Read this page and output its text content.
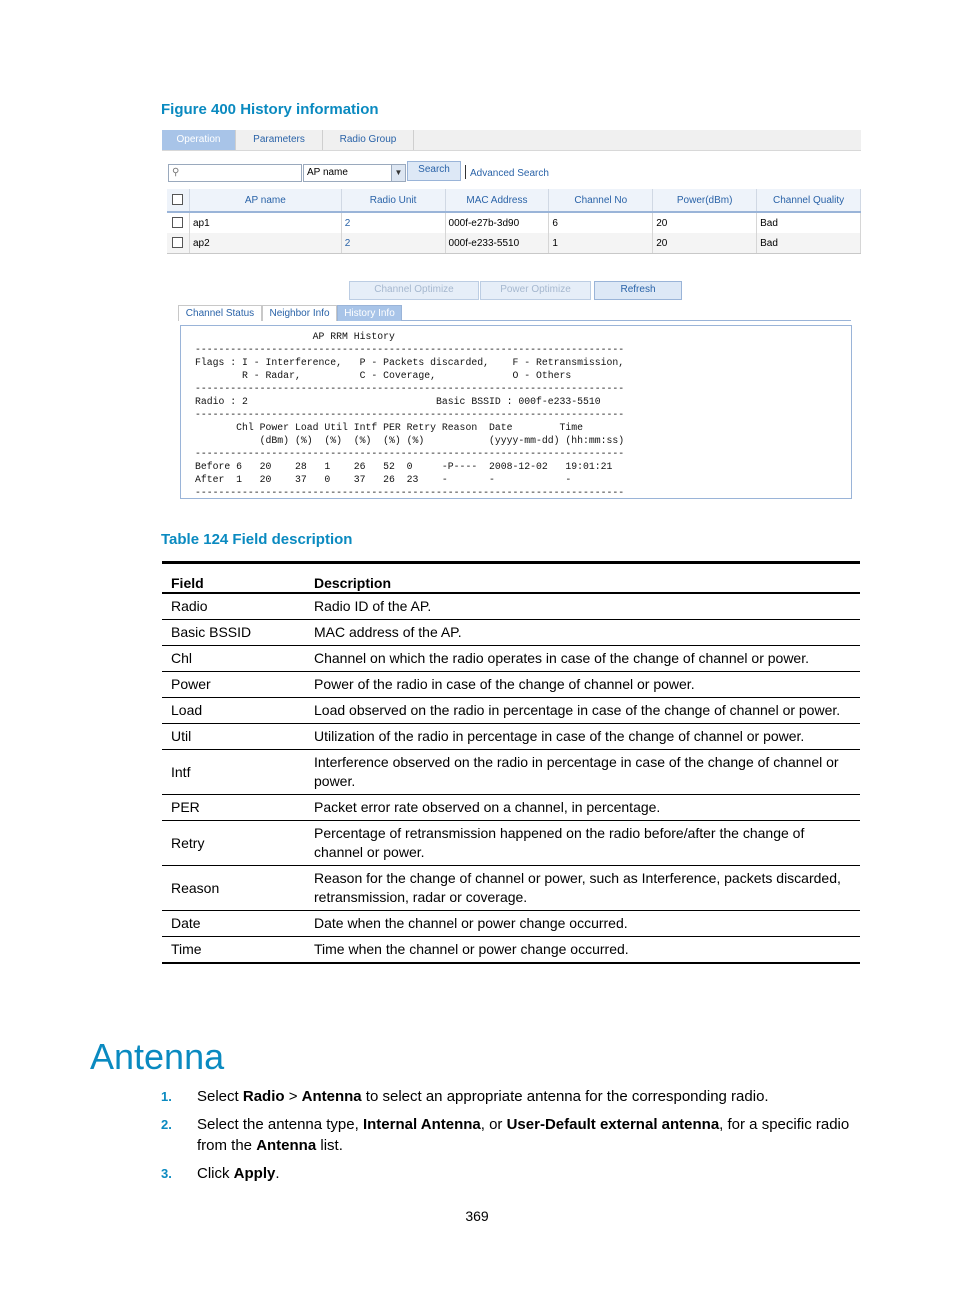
Figure 400 History information
Operation	Parameters	Radio Group
⚲	AP name	▼	Search	Advanced Search
	AP name	Radio Unit	MAC Address	Channel No	Power(dBm)	Channel Quality
	ap1	2	000f-e27b-3d90	6	20	Bad
	ap2	2	000f-e233-5510	1	20	Bad
Channel Optimize	Power Optimize	Refresh
Channel Status	Neighbor Info	History Info
AP RRM History
-------------------------------------------------------------------------
Flags : I - Interference,   P - Packets discarded,    F - Retransmission,
R - Radar,          C - Coverage,             O - Others
-------------------------------------------------------------------------
Radio : 2                                Basic BSSID : 000f-e233-5510
-------------------------------------------------------------------------
Chl Power Load Util Intf PER Retry Reason  Date        Time
(dBm) (%)  (%)  (%)  (%) (%)           (yyyy-mm-dd) (hh:mm:ss)
-------------------------------------------------------------------------
Before 6   20    28   1    26   52  0     -P----  2008-12-02   19:01:21
After  1   20    37   0    37   26  23    -       -            -
-------------------------------------------------------------------------
Table 124 Field description
Field	Description
Radio	Radio ID of the AP.
Basic BSSID	MAC address of the AP.
Chl	Channel on which the radio operates in case of the change of channel or power.
Power	Power of the radio in case of the change of channel or power.
Load	Load observed on the radio in percentage in case of the change of channel or power.
Util	Utilization of the radio in percentage in case of the change of channel or power.
Intf	Interference observed on the radio in percentage in case of the change of channel or power.
PER	Packet error rate observed on a channel, in percentage.
Retry	Percentage of retransmission happened on the radio before/after the change of channel or power.
Reason	Reason for the change of channel or power, such as Interference, packets discarded, retransmission, radar or coverage.
Date	Date when the channel or power change occurred.
Time	Time when the channel or power change occurred.
Antenna
1. Select Radio > Antenna to select an appropriate antenna for the corresponding radio.
2. Select the antenna type, Internal Antenna, or User-Default external antenna, for a specific radio from the Antenna list.
3. Click Apply.
369
